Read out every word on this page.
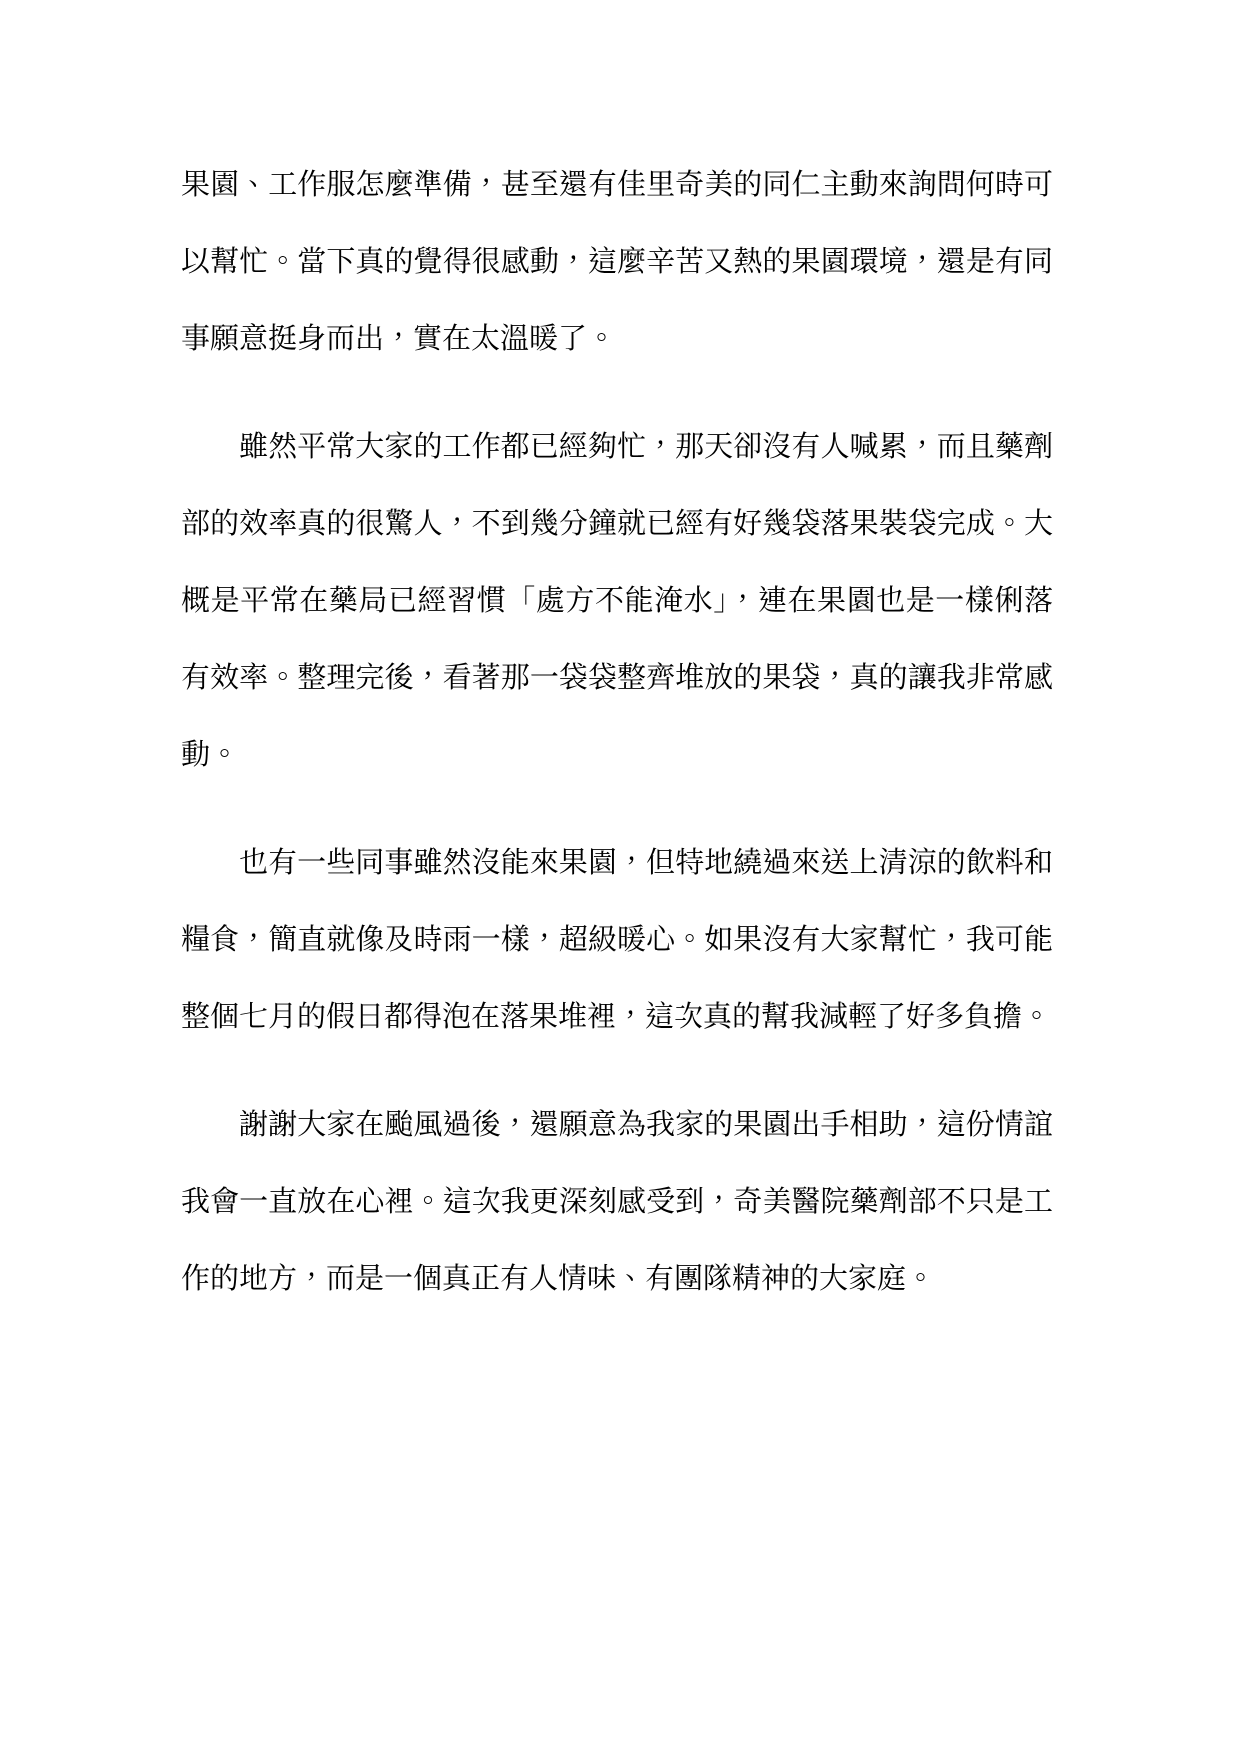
果園、工作服怎麼準備，甚至還有佳里奇美的同仁主動來詢問何時可
以幫忙。當下真的覺得很感動，這麼辛苦又熱的果園環境，還是有同
事願意挺身而出，實在太溫暖了。
雖然平常大家的工作都已經夠忙，那天卻沒有人喊累，而且藥劑
部的效率真的很驚人，不到幾分鐘就已經有好幾袋落果裝袋完成。大
概是平常在藥局已經習慣「處方不能淹水」，連在果園也是一樣俐落
有效率。整理完後，看著那一袋袋整齊堆放的果袋，真的讓我非常感
動。
也有一些同事雖然沒能來果園，但特地繞過來送上清涼的飲料和
糧食，簡直就像及時雨一樣，超級暖心。如果沒有大家幫忙，我可能
整個七月的假日都得泡在落果堆裡，這次真的幫我減輕了好多負擔。
謝謝大家在颱風過後，還願意為我家的果園出手相助，這份情誼
我會一直放在心裡。這次我更深刻感受到，奇美醫院藥劑部不只是工
作的地方，而是一個真正有人情味、有團隊精神的大家庭。
